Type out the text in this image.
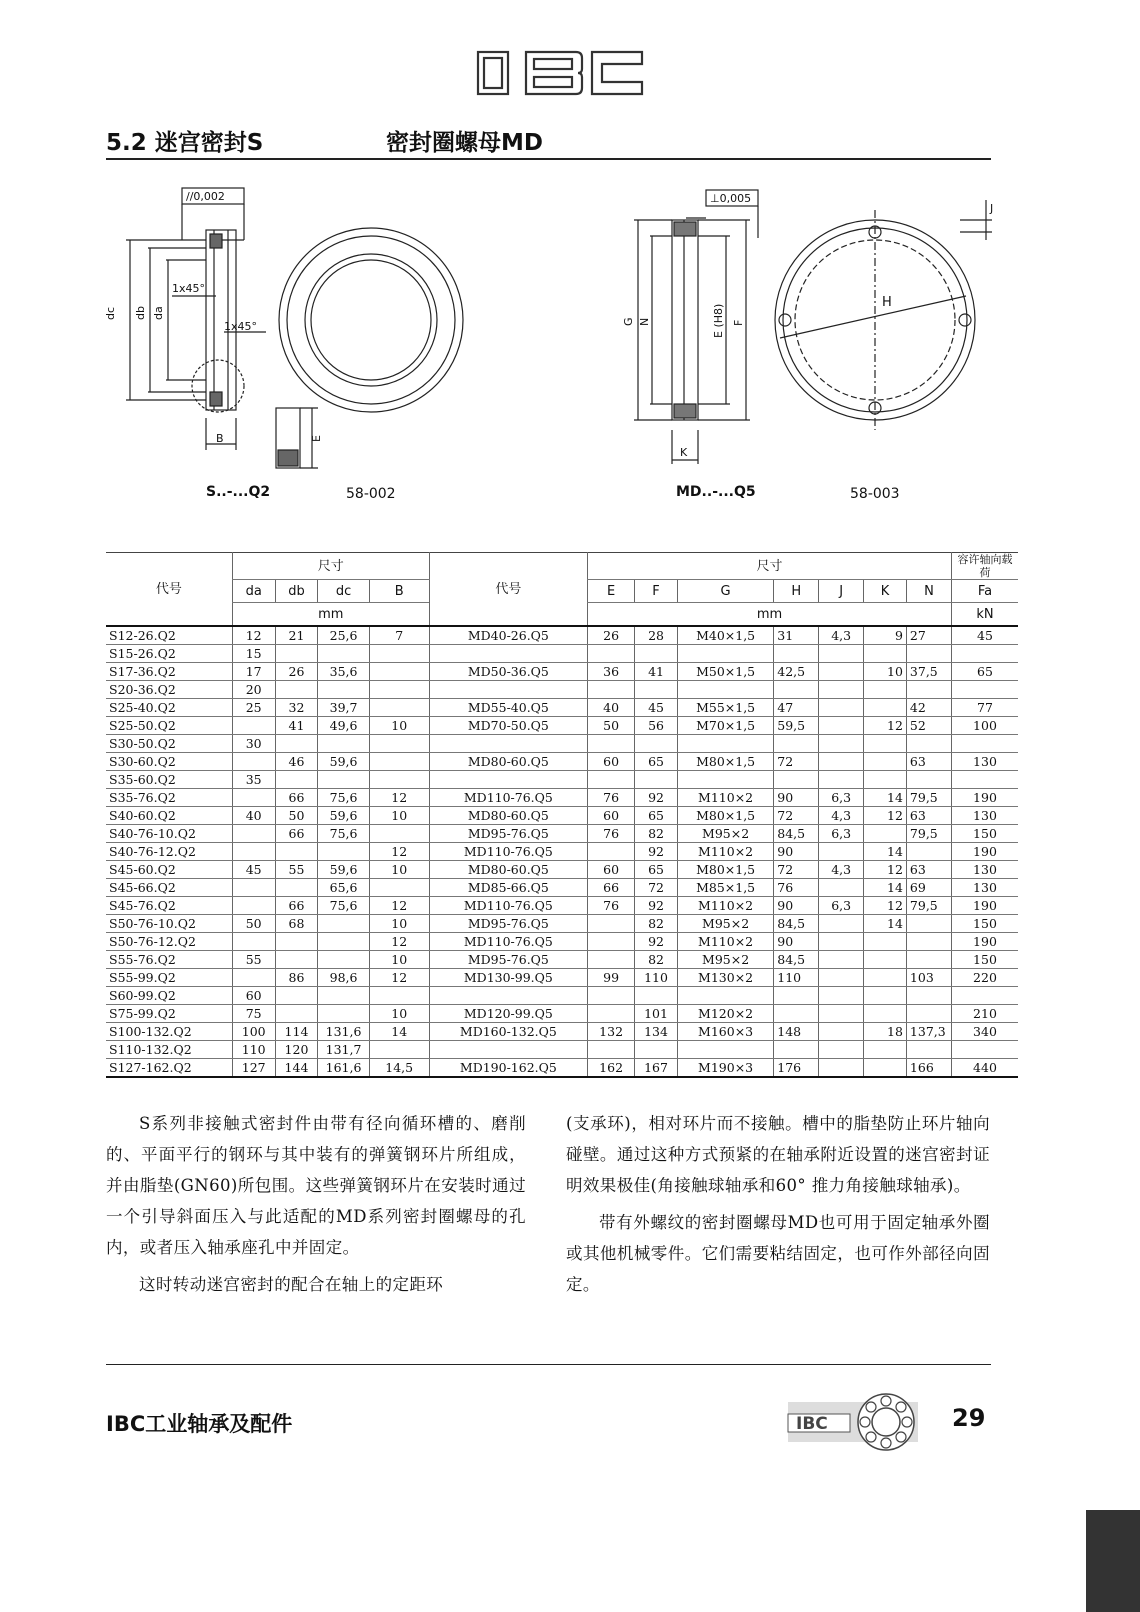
5.2 迷宫密封S	密封圈螺母MD
//0,002
1x45°
1x45°
dc db da
B	E
S..-...Q2	58-002
⊥0,005
G N	E (H8) F
K
J
H
MD..-...Q5	58-003
代号	尺寸				代号	尺寸							容许轴向载荷
	da	db	dc	B		E	F	G	H	J	K	N	Fa
	mm					mm							kN
S12-26.Q2	12	21	25,6	7	MD40-26.Q5	26	28	M40×1,5	31	4,3	9	27	45
S15-26.Q2	15												
S17-36.Q2	17	26	35,6		MD50-36.Q5	36	41	M50×1,5	42,5		10	37,5	65
S20-36.Q2	20												
S25-40.Q2	25	32	39,7		MD55-40.Q5	40	45	M55×1,5	47			42	77
S25-50.Q2		41	49,6	10	MD70-50.Q5	50	56	M70×1,5	59,5		12	52	100
S30-50.Q2	30												
S30-60.Q2		46	59,6		MD80-60.Q5	60	65	M80×1,5	72			63	130
S35-60.Q2	35												
S35-76.Q2		66	75,6	12	MD110-76.Q5	76	92	M110×2	90	6,3	14	79,5	190
S40-60.Q2	40	50	59,6	10	MD80-60.Q5	60	65	M80×1,5	72	4,3	12	63	130
S40-76-10.Q2		66	75,6		MD95-76.Q5	76	82	M95×2	84,5	6,3		79,5	150
S40-76-12.Q2				12	MD110-76.Q5		92	M110×2	90		14		190
S45-60.Q2	45	55	59,6	10	MD80-60.Q5	60	65	M80×1,5	72	4,3	12	63	130
S45-66.Q2			65,6		MD85-66.Q5	66	72	M85×1,5	76		14	69	130
S45-76.Q2		66	75,6	12	MD110-76.Q5	76	92	M110×2	90	6,3	12	79,5	190
S50-76-10.Q2	50	68		10	MD95-76.Q5		82	M95×2	84,5		14		150
S50-76-12.Q2				12	MD110-76.Q5		92	M110×2	90				190
S55-76.Q2	55			10	MD95-76.Q5		82	M95×2	84,5				150
S55-99.Q2		86	98,6	12	MD130-99.Q5	99	110	M130×2	110			103	220
S60-99.Q2	60												
S75-99.Q2	75			10	MD120-99.Q5		101	M120×2					210
S100-132.Q2	100	114	131,6	14	MD160-132.Q5	132	134	M160×3	148		18	137,3	340
S110-132.Q2	110	120	131,7										
S127-162.Q2	127	144	161,6	14,5	MD190-162.Q5	162	167	M190×3	176			166	440

S系列非接触式密封件由带有径向循环槽的、磨削的、平面平行的钢环与其中装有的弹簧钢环片所组成，并由脂垫(GN60)所包围。这些弹簧钢环片在安装时通过一个引导斜面压入与此适配的MD系列密封圈螺母的孔内，或者压入轴承座孔中并固定。

这时转动迷宫密封的配合在轴上的定距环

(支承环)，相对环片而不接触。槽中的脂垫防止环片轴向碰壁。通过这种方式预紧的在轴承附近设置的迷宫密封证明效果极佳(角接触球轴承和60° 推力角接触球轴承)。

带有外螺纹的密封圈螺母MD也可用于固定轴承外圈或其他机械零件。它们需要粘结固定，也可作外部径向固定。

IBC工业轴承及配件	IBC	29
